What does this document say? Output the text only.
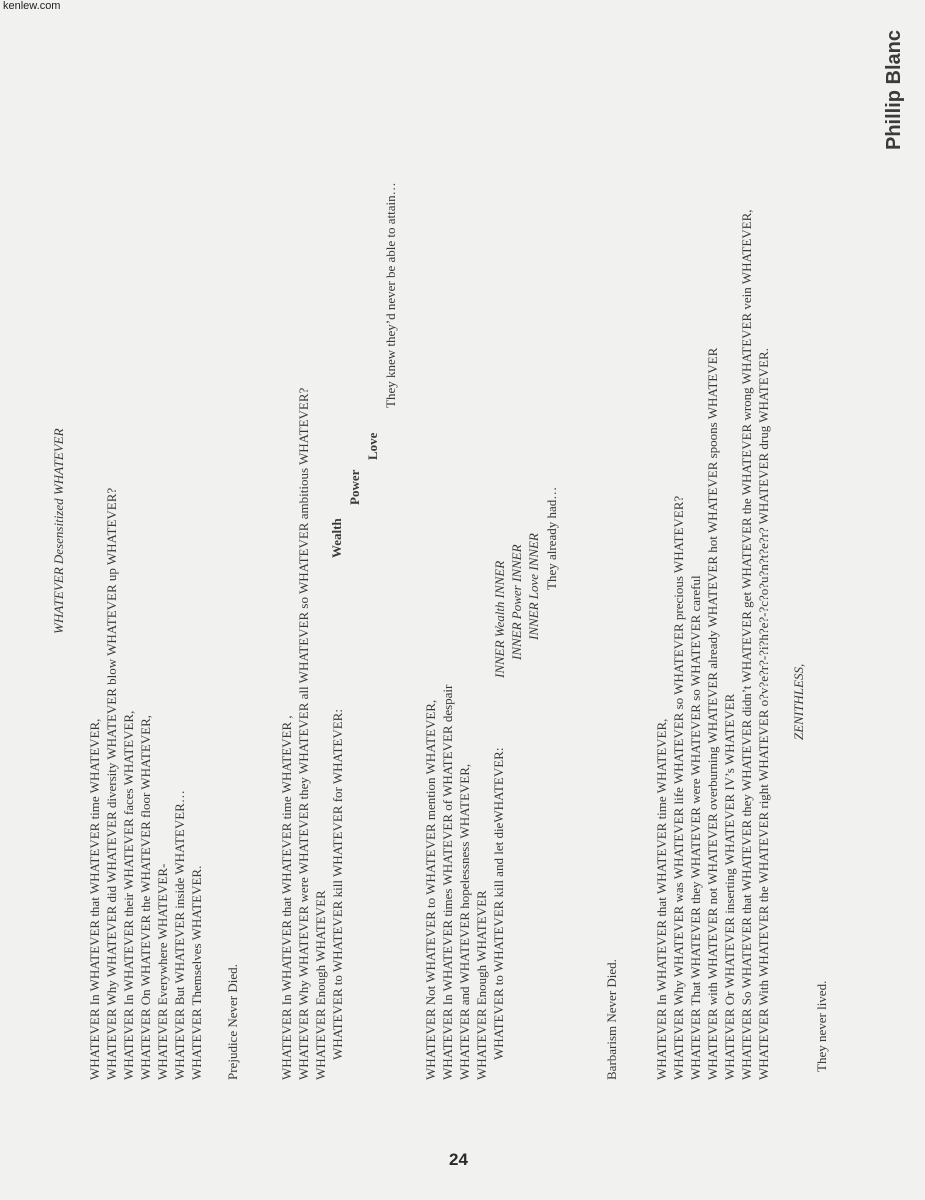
kenlew.com
Phillip Blanc
24
WHATEVER Desensitized WHATEVER
WHATEVER In WHATEVER that WHATEVER time WHATEVER, WHATEVER Why WHATEVER did WHATEVER diversity WHATEVER blow WHATEVER up WHATEVER? WHATEVER In WHATEVER their WHATEVER faces WHATEVER, WHATEVER On WHATEVER the WHATEVER floor WHATEVER, WHATEVER Everywhere WHATEVER- WHATEVER But WHATEVER inside WHATEVER… WHATEVER Themselves WHATEVER. Prejudice Never Died.	WHATEVER In WHATEVER that WHATEVER time WHATEVER , WHATEVER Why WHATEVER were WHATEVER they WHATEVER all WHATEVER so WHATEVER ambitious WHATEVER? WHATEVER Enough WHATEVER WHATEVER to WHATEVER kill WHATEVER for WHATEVER:
Wealth
Power
Love
They knew they’d never be able to attain…
WHATEVER Not WHATEVER to WHATEVER mention WHATEVER, WHATEVER In WHATEVER times WHATEVER of WHATEVER despair WHATEVER and WHATEVER hopelessness WHATEVER, WHATEVER Enough WHATEVER WHATEVER to WHATEVER kill and let dieWHATEVER:
INNER Wealth INNER INNER Power INNER INNER Love INNER They already had…
Barbarism Never Died.	WHATEVER In WHATEVER that WHATEVER time WHATEVER, WHATEVER Why WHATEVER was WHATEVER life WHATEVER so WHATEVER precious WHATEVER? WHATEVER That WHATEVER they WHATEVER were WHATEVER so WHATEVER careful WHATEVER with WHATEVER not WHATEVER overburning WHATEVER already WHATEVER hot WHATEVER spoons WHATEVER WHATEVER Or WHATEVER inserting WHATEVER IV’s WHATEVER WHATEVER So WHATEVER that WHATEVER they WHATEVER didn’t WHATEVER get WHATEVER the WHATEVER wrong WHATEVER vein WHATEVER, WHATEVER With WHATEVER the WHATEVER right WHATEVER o?v?e?r?-?i?h?e?-?c?o?u?n?t?e?r? WHATEVER drug WHATEVER. ZENITHLESS,
They never lived.
